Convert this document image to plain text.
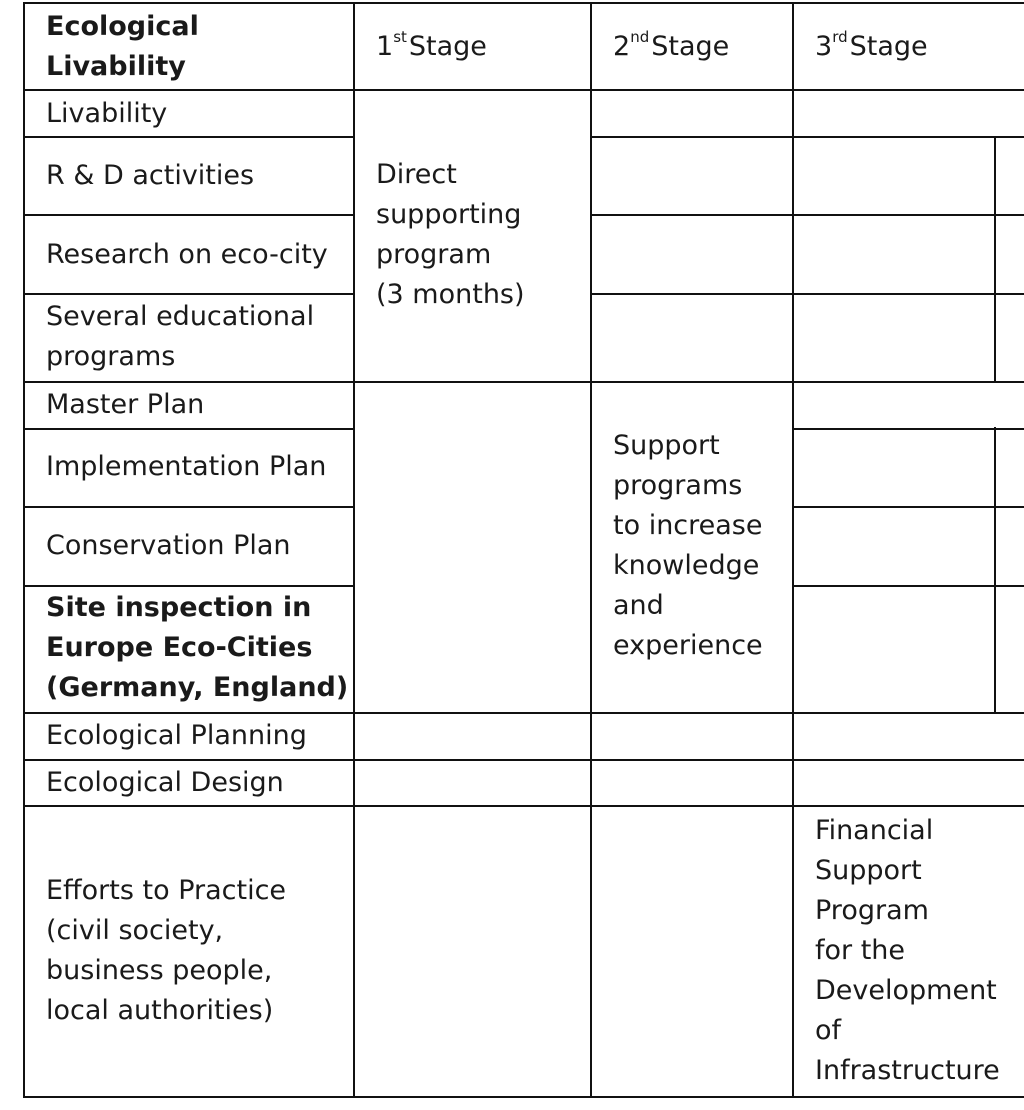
Ecological
Livability
1stStage	2ndStage	3rdStage
Livability
R & D activities
Research on eco-city
Several educational
programs
Master Plan
Implementation Plan
Conservation Plan
Site inspection in
Europe Eco-Cities
(Germany, England)
Ecological Planning
Ecological Design
Efforts to Practice
(civil society,
business people,
local authorities)
Direct
supporting
program
(3 months)
Support
programs
to increase
knowledge
and
experience
Financial
Support
Program
for the
Development
of
Infrastructure
